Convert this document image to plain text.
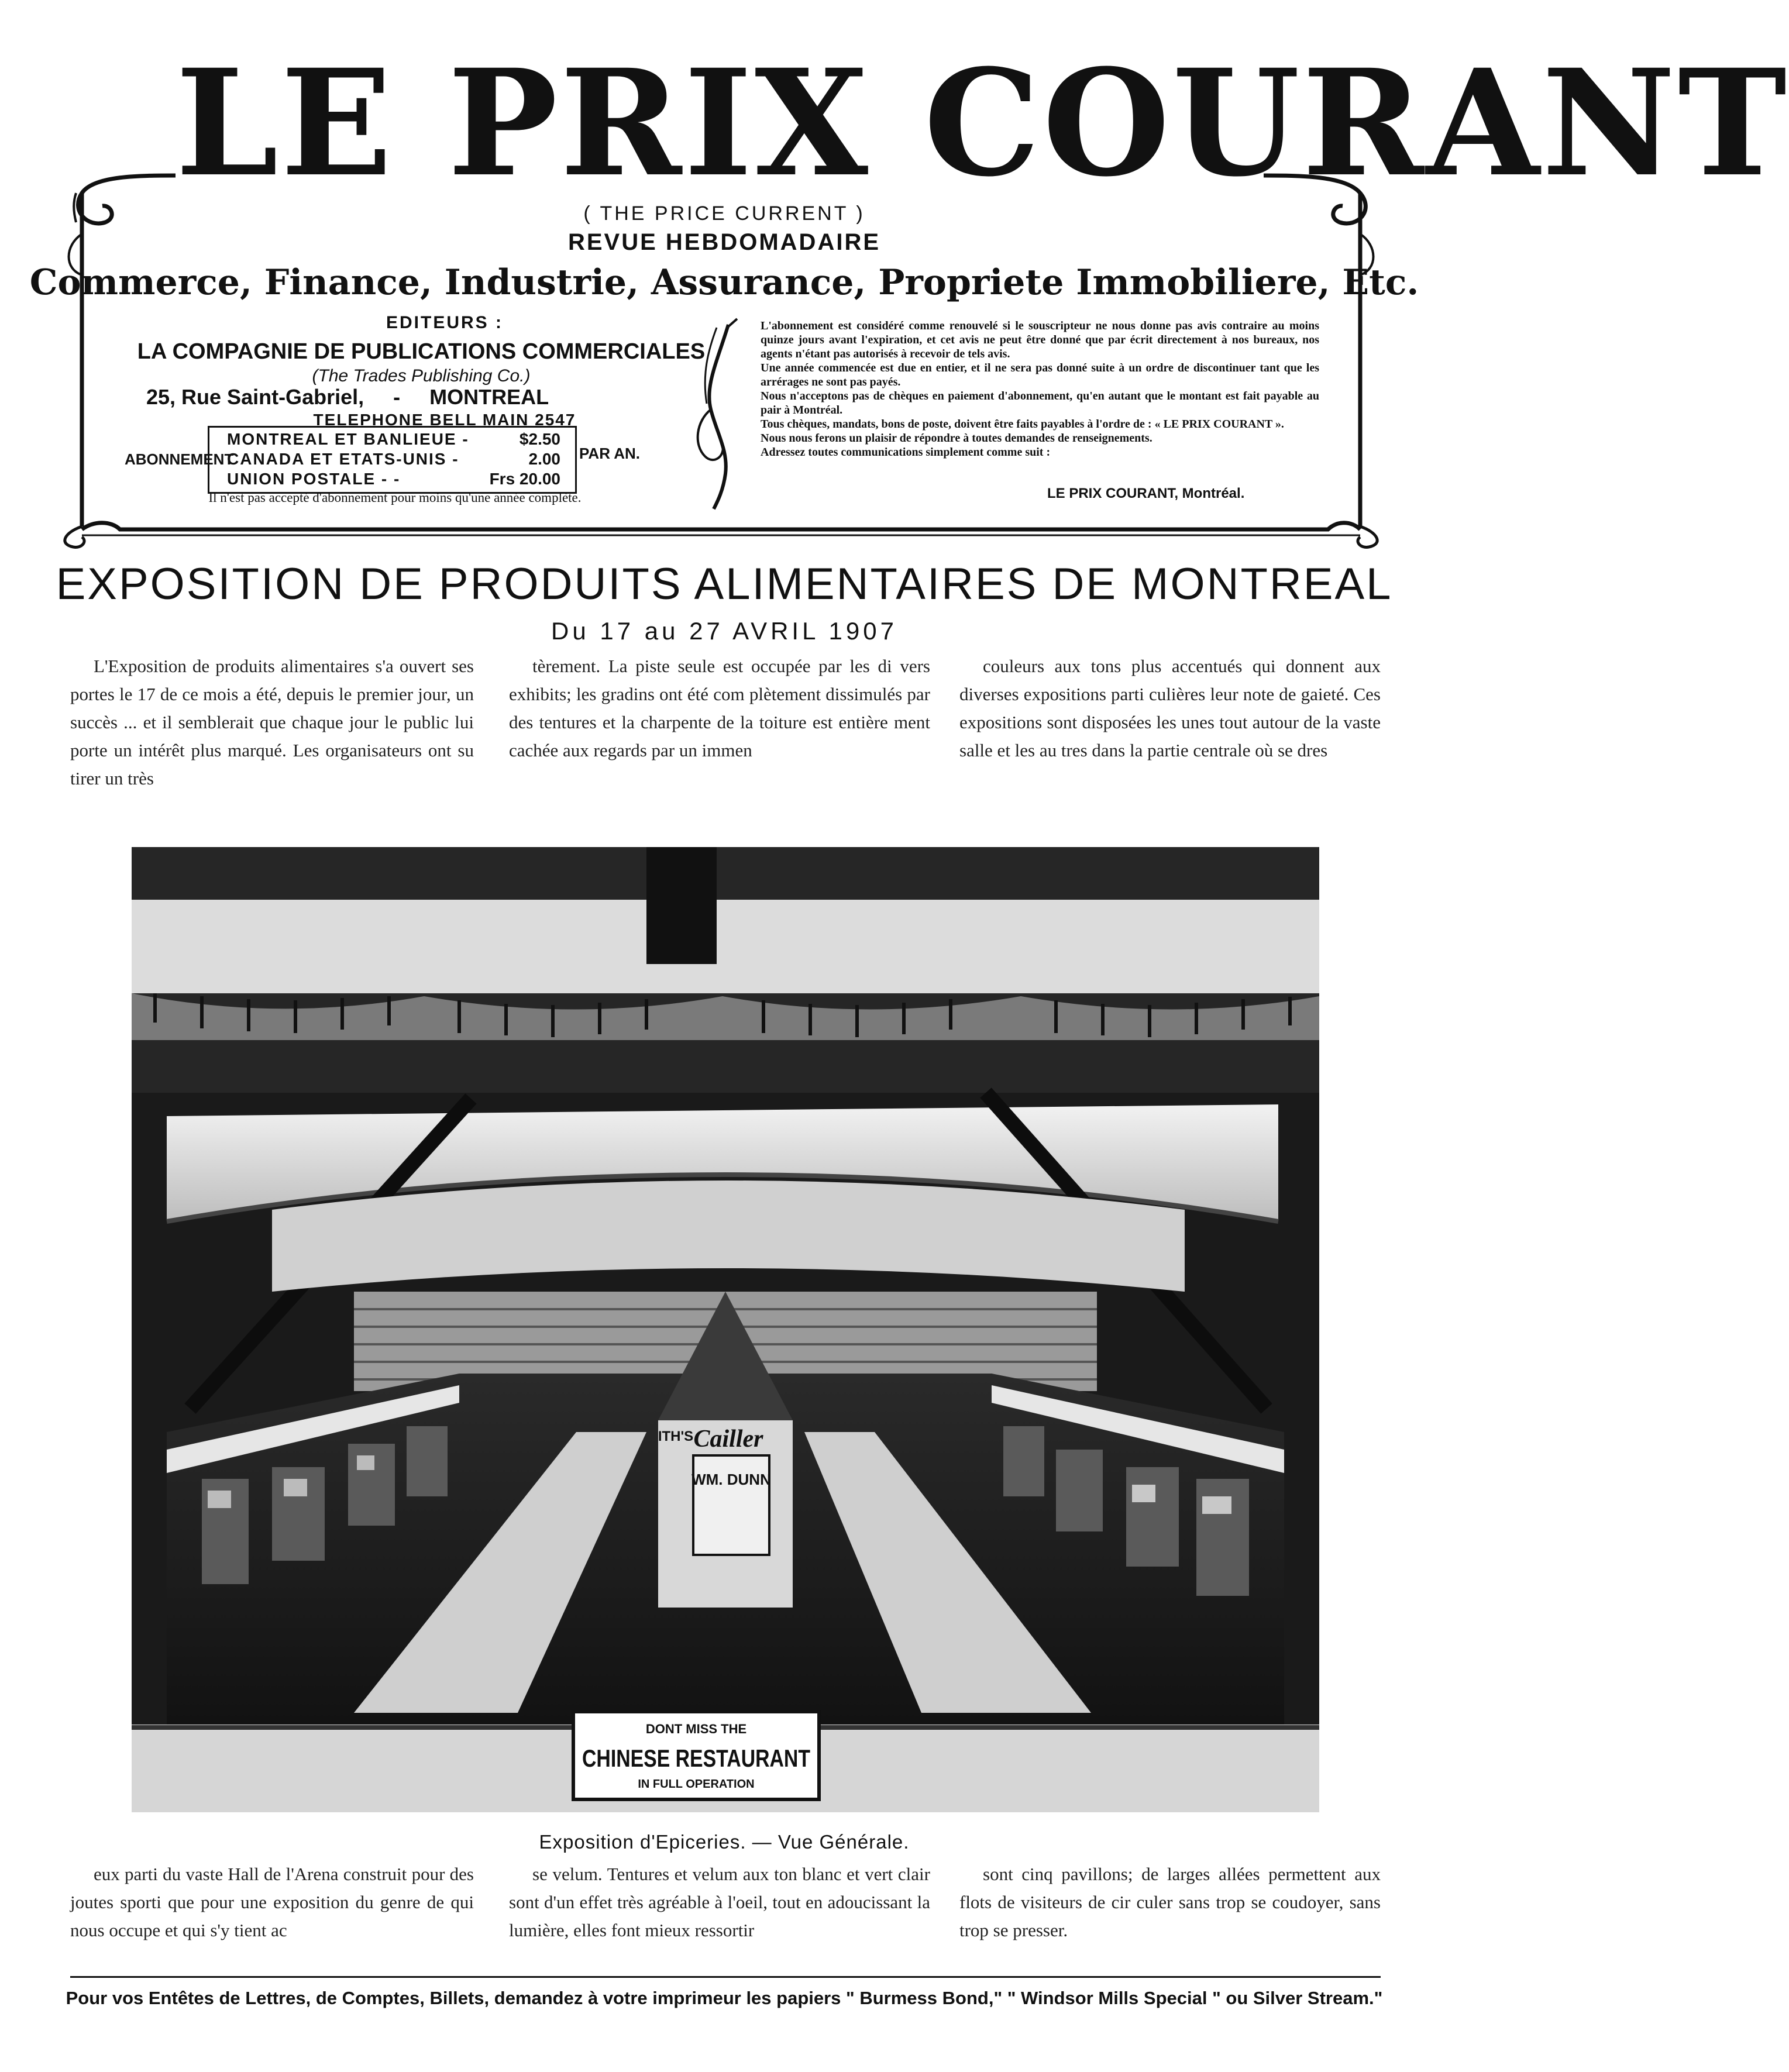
LE PRIX COURANT
( THE PRICE CURRENT )
REVUE HEBDOMADAIRE
Commerce, Finance, Industrie, Assurance, Propriete Immobiliere, Etc.
EDITEURS :
LA COMPAGNIE DE PUBLICATIONS COMMERCIALES
(The Trades Publishing Co.)
25, Rue Saint-Gabriel, - MONTREAL
TELEPHONE BELL MAIN 2547
ABONNEMENT
MONTREAL ET BANLIEUE -	$2.50
CANADA ET ETATS-UNIS -	2.00
UNION POSTALE - -	Frs 20.00
PAR AN.
Il n'est pas accepté d'abonnement pour moins qu'une année complète.

L'abonnement est considéré comme renouvelé si le souscripteur ne nous donne pas avis contraire au moins quinze jours avant l'expiration, et cet avis ne peut être donné que par écrit directement à nos bureaux, nos agents n'étant pas autorisés à recevoir de tels avis.

Une année commencée est due en entier, et il ne sera pas donné suite à un ordre de discontinuer tant que les arrérages ne sont pas payés.

Nous n'acceptons pas de chèques en paiement d'abonnement, qu'en autant que le montant est fait payable au pair à Montréal.

Tous chèques, mandats, bons de poste, doivent être faits payables à l'ordre de : « LE PRIX COURANT ».

Nous nous ferons un plaisir de répondre à toutes demandes de renseignements.

Adressez toutes communications simplement comme suit :

LE PRIX COURANT, Montréal.
EXPOSITION DE PRODUITS ALIMENTAIRES DE MONTREAL
Du 17 au 27 AVRIL 1907

L'Exposition de produits alimentaires s'a ouvert ses portes le 17 de ce mois a été, depuis le premier jour, un succès ... et il semblerait que chaque jour le public lui porte un intérêt plus marqué. Les organisateurs ont su tirer un très

tèrement. La piste seule est occupée par les di vers exhibits; les gradins ont été com plètement dissimulés par des tentures et la charpente de la toiture est entière ment cachée aux regards par un immen

couleurs aux tons plus accentués qui donnent aux diverses expositions parti culières leur note de gaieté. Ces expositions sont disposées les unes tout autour de la vaste salle et les au tres dans la partie centrale où se dres

WM. DUNN
Cailler
ITH'S
DONT MISS THE
CHINESE RESTAURANT
IN FULL OPERATION
Exposition d'Epiceries. — Vue Générale.

eux parti du vaste Hall de l'Arena construit pour des joutes sporti que pour une exposition du genre de qui nous occupe et qui s'y tient ac

se velum. Tentures et velum aux ton blanc et vert clair sont d'un effet très agréable à l'oeil, tout en adoucissant la lumière, elles font mieux ressortir

sont cinq pavillons; de larges allées permettent aux flots de visiteurs de cir culer sans trop se coudoyer, sans trop se presser.

Pour vos Entêtes de Lettres, de Comptes, Billets, demandez à votre imprimeur les papiers " Burmess Bond," " Windsor Mills Special " ou Silver Stream."
